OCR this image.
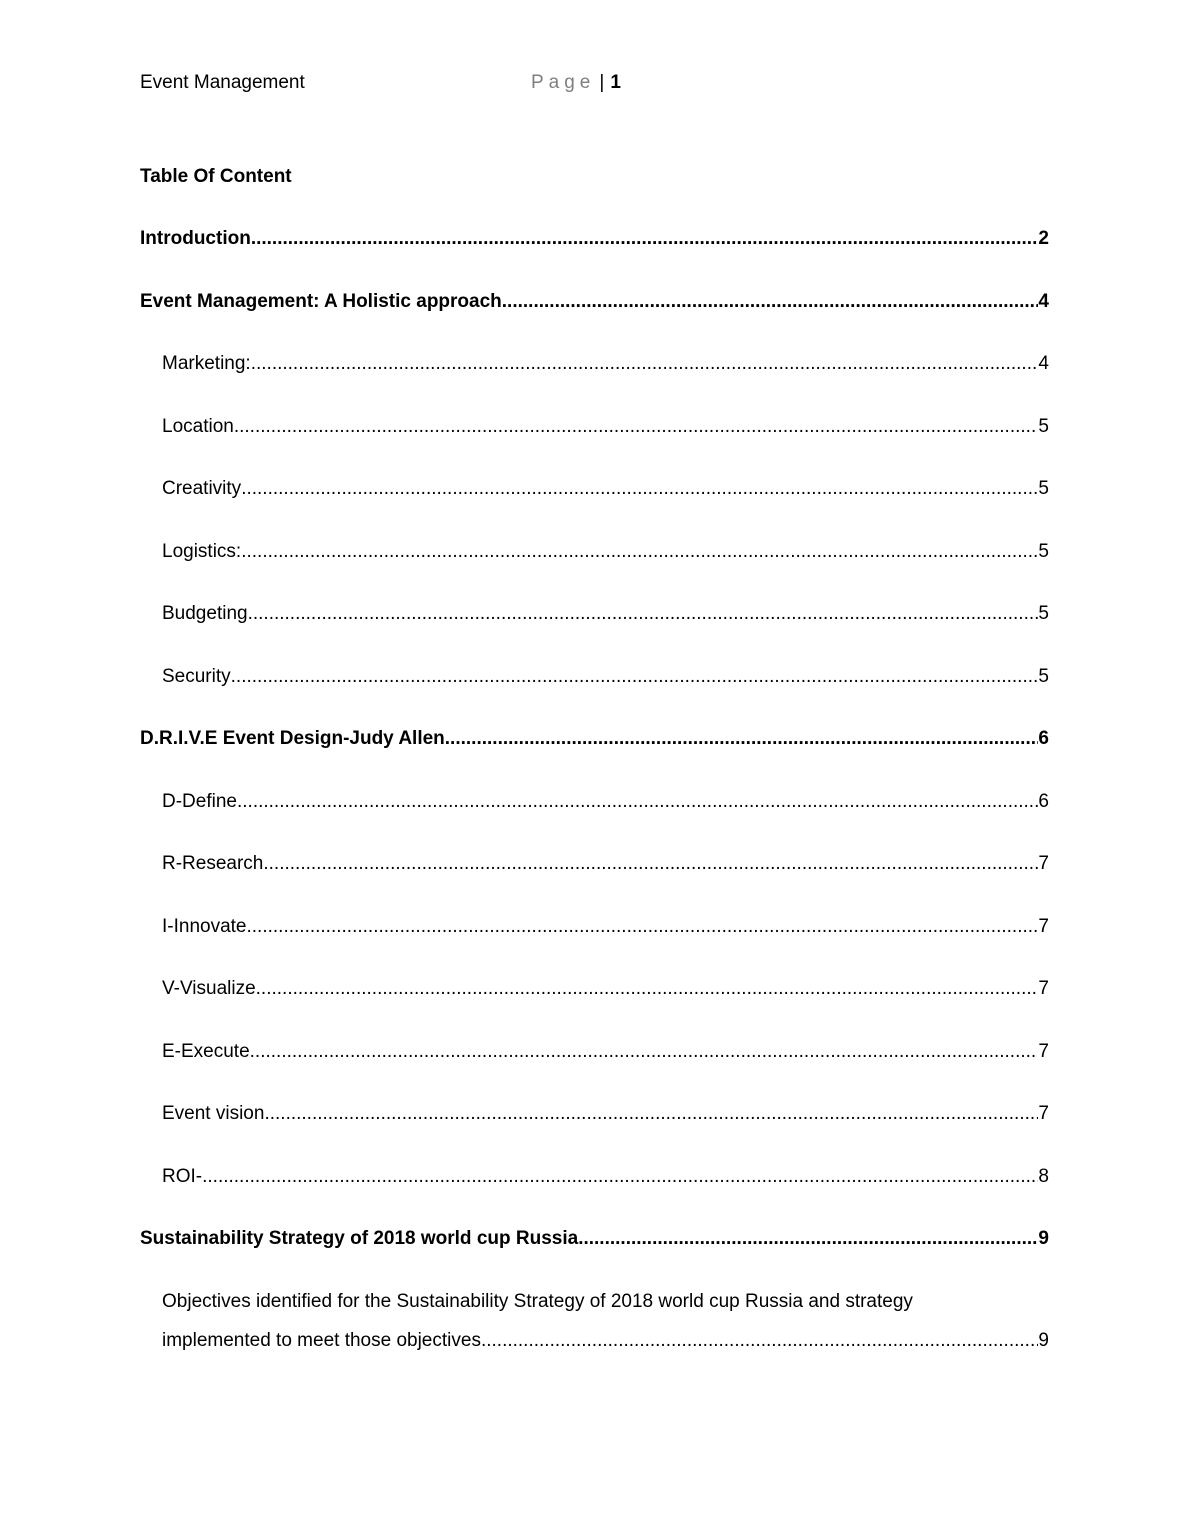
Event Management	Page | 1
Table Of Content
Introduction .....	2
Event Management: A Holistic approach .....	4
Marketing: .....	4
Location .....	5
Creativity .....	5
Logistics: .....	5
Budgeting .....	5
Security .....	5
D.R.I.V.E Event Design-Judy Allen .....	6
D-Define .....	6
R-Research .....	7
I-Innovate .....	7
V-Visualize .....	7
E-Execute .....	7
Event vision .....	7
ROI- .....	8
Sustainability Strategy of 2018 world cup Russia .....	9
Objectives identified for the Sustainability Strategy of 2018 world cup Russia and strategy
implemented to meet those objectives .....	9
